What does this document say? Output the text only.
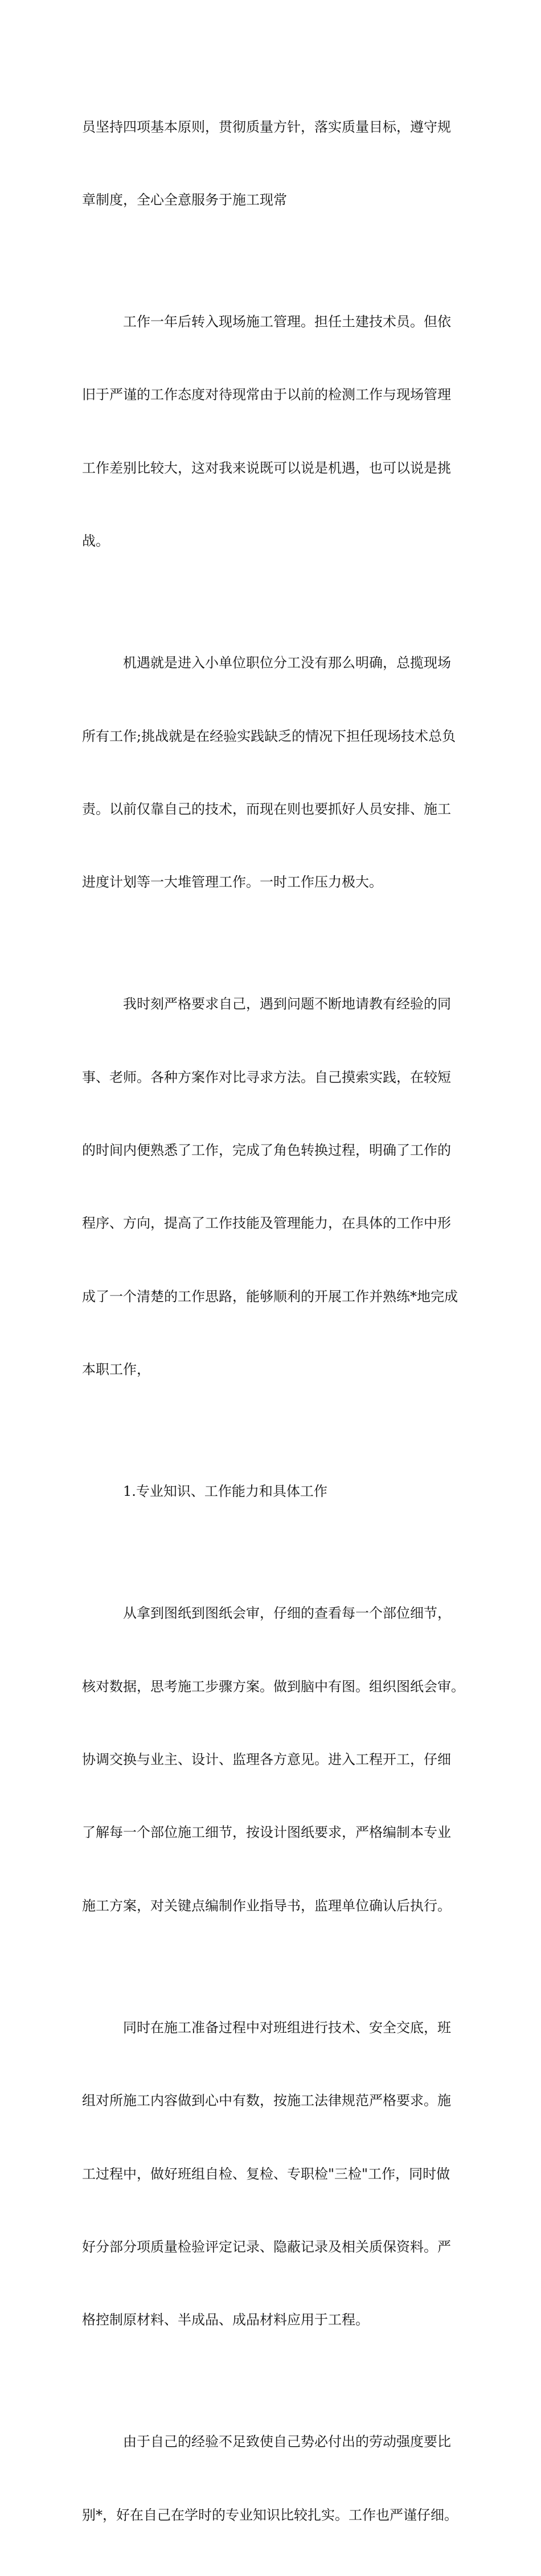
员坚持四项基本原则，贯彻质量方针，落实质量目标，遵守规

章制度，全心全意服务于施工现常

工作一年后转入现场施工管理。担任土建技术员。但依

旧于严谨的工作态度对待现常由于以前的检测工作与现场管理

工作差别比较大，这对我来说既可以说是机遇，也可以说是挑

战。

机遇就是进入小单位职位分工没有那么明确，总揽现场

所有工作;挑战就是在经验实践缺乏的情况下担任现场技术总负

责。以前仅靠自己的技术，而现在则也要抓好人员安排、施工

进度计划等一大堆管理工作。一时工作压力极大。

我时刻严格要求自己，遇到问题不断地请教有经验的同

事、老师。各种方案作对比寻求方法。自己摸索实践，在较短

的时间内便熟悉了工作，完成了角色转换过程，明确了工作的

程序、方向，提高了工作技能及管理能力，在具体的工作中形

成了一个清楚的工作思路，能够顺利的开展工作并熟练*地完成

本职工作，

1.专业知识、工作能力和具体工作

从拿到图纸到图纸会审，仔细的查看每一个部位细节，

核对数据，思考施工步骤方案。做到脑中有图。组织图纸会审。

协调交换与业主、设计、监理各方意见。进入工程开工，仔细

了解每一个部位施工细节，按设计图纸要求，严格编制本专业

施工方案，对关键点编制作业指导书，监理单位确认后执行。

同时在施工准备过程中对班组进行技术、安全交底，班

组对所施工内容做到心中有数，按施工法律规范严格要求。施

工过程中，做好班组自检、复检、专职检"三检"工作，同时做

好分部分项质量检验评定记录、隐蔽记录及相关质保资料。严

格控制原材料、半成品、成品材料应用于工程。

由于自己的经验不足致使自己势必付出的劳动强度要比

别*，好在自己在学时的专业知识比较扎实。工作也严谨仔细。
